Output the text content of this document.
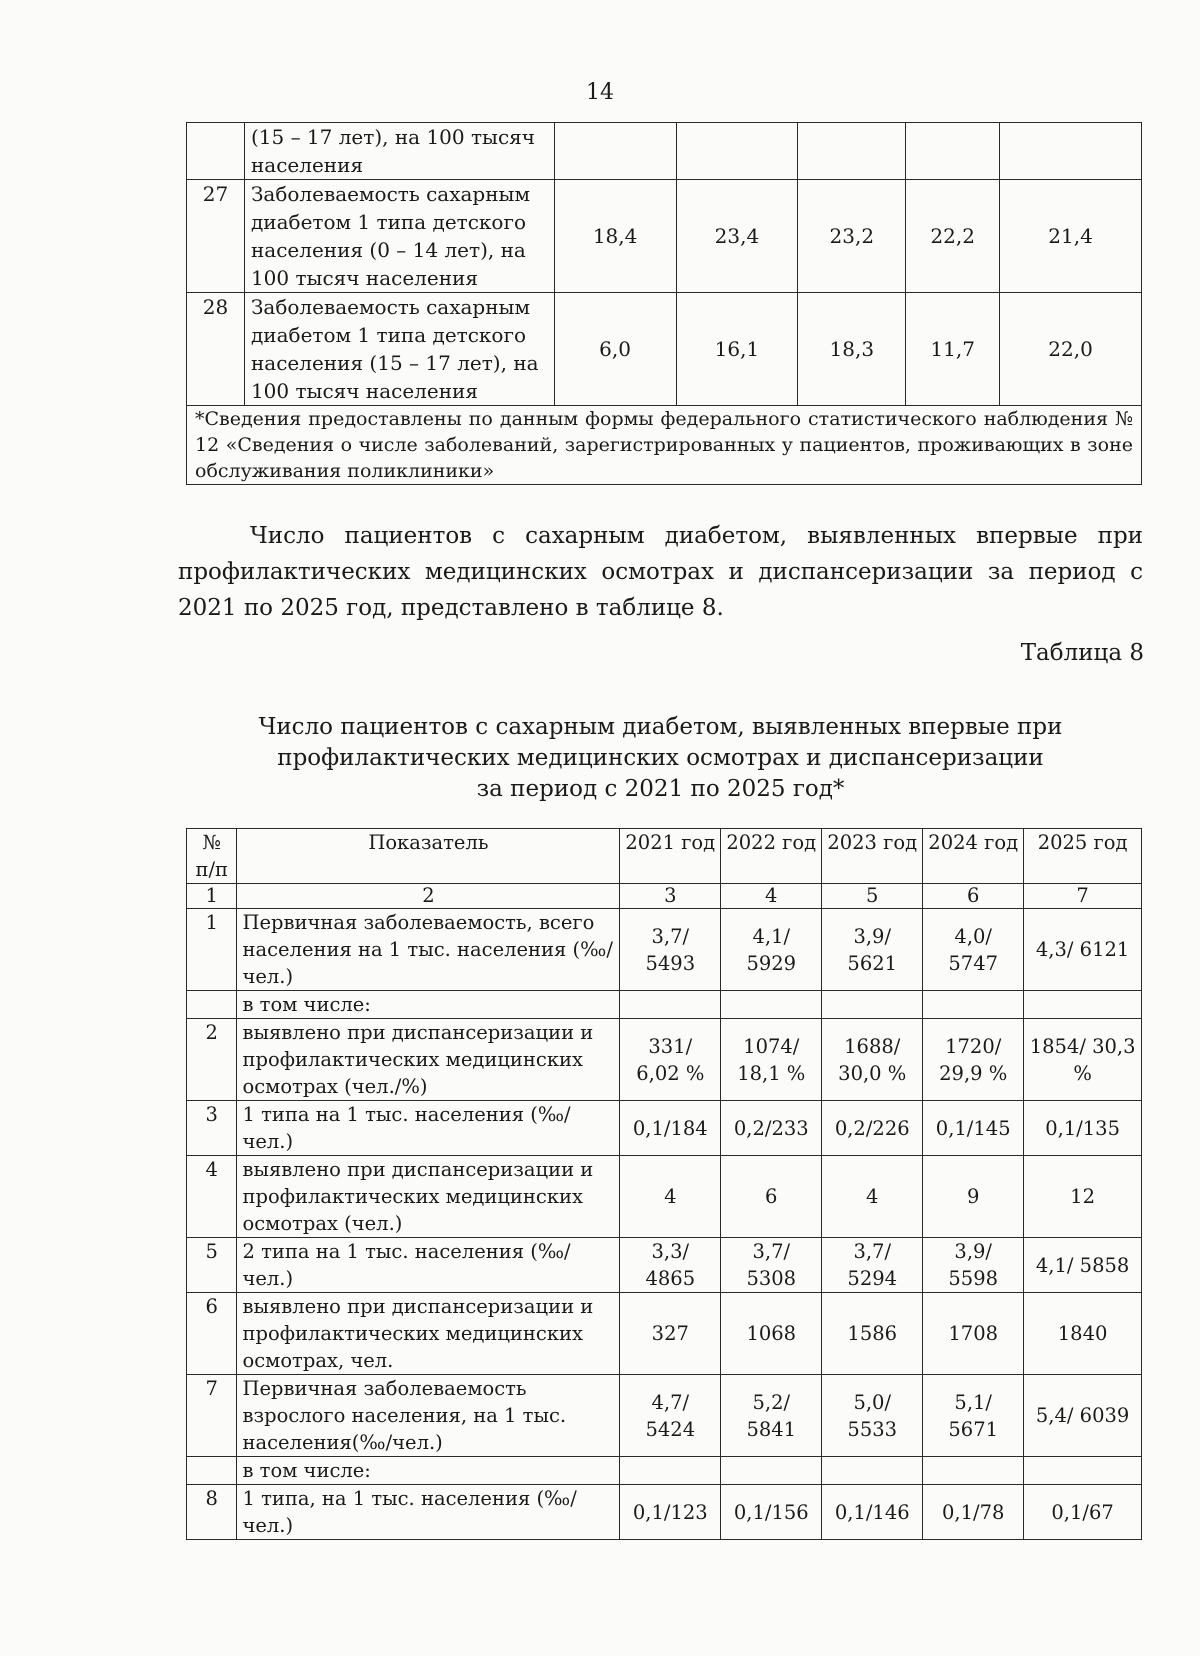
14
	(15 – 17 лет), на 100 тысяч населения					
27	Заболеваемость сахарным диабетом 1 типа детского населения (0 – 14 лет), на 100 тысяч населения	18,4	23,4	23,2	22,2	21,4
28	Заболеваемость сахарным диабетом 1 типа детского населения (15 – 17 лет), на 100 тысяч населения	6,0	16,1	18,3	11,7	22,0
*Сведения предоставлены по данным формы федерального статистического наблюдения № 12 «Сведения о числе заболеваний, зарегистрированных у пациентов, проживающих в зоне обслуживания поликлиники»						
Число пациентов с сахарным диабетом, выявленных впервые при профилактических медицинских осмотрах и диспансеризации за период с 2021 по 2025 год, представлено в таблице 8.
Таблица 8
Число пациентов с сахарным диабетом, выявленных впервые при
профилактических медицинских осмотрах и диспансеризации
за период с 2021 по 2025 год*
№ п/п	Показатель	2021 год	2022 год	2023 год	2024 год	2025 год
1	2	3	4	5	6	7
1	Первичная заболеваемость, всего населения на 1 тыс. населения (‰/чел.)	3,7/ 5493	4,1/ 5929	3,9/ 5621	4,0/ 5747	4,3/ 6121
	в том числе:					
2	выявлено при диспансеризации и профилактических медицинских осмотрах (чел./%)	331/ 6,02 %	1074/ 18,1 %	1688/ 30,0 %	1720/ 29,9 %	1854/ 30,3 %
3	1 типа на 1 тыс. населения (‰/чел.)	0,1/184	0,2/233	0,2/226	0,1/145	0,1/135
4	выявлено при диспансеризации и профилактических медицинских осмотрах (чел.)	4	6	4	9	12
5	2 типа на 1 тыс. населения (‰/чел.)	3,3/ 4865	3,7/ 5308	3,7/ 5294	3,9/ 5598	4,1/ 5858
6	выявлено при диспансеризации и профилактических медицинских осмотрах, чел.	327	1068	1586	1708	1840
7	Первичная заболеваемость взрослого населения, на 1 тыс. населения(‰/чел.)	4,7/ 5424	5,2/ 5841	5,0/ 5533	5,1/ 5671	5,4/ 6039
	в том числе:					
8	1 типа, на 1 тыс. населения (‰/чел.)	0,1/123	0,1/156	0,1/146	0,1/78	0,1/67
